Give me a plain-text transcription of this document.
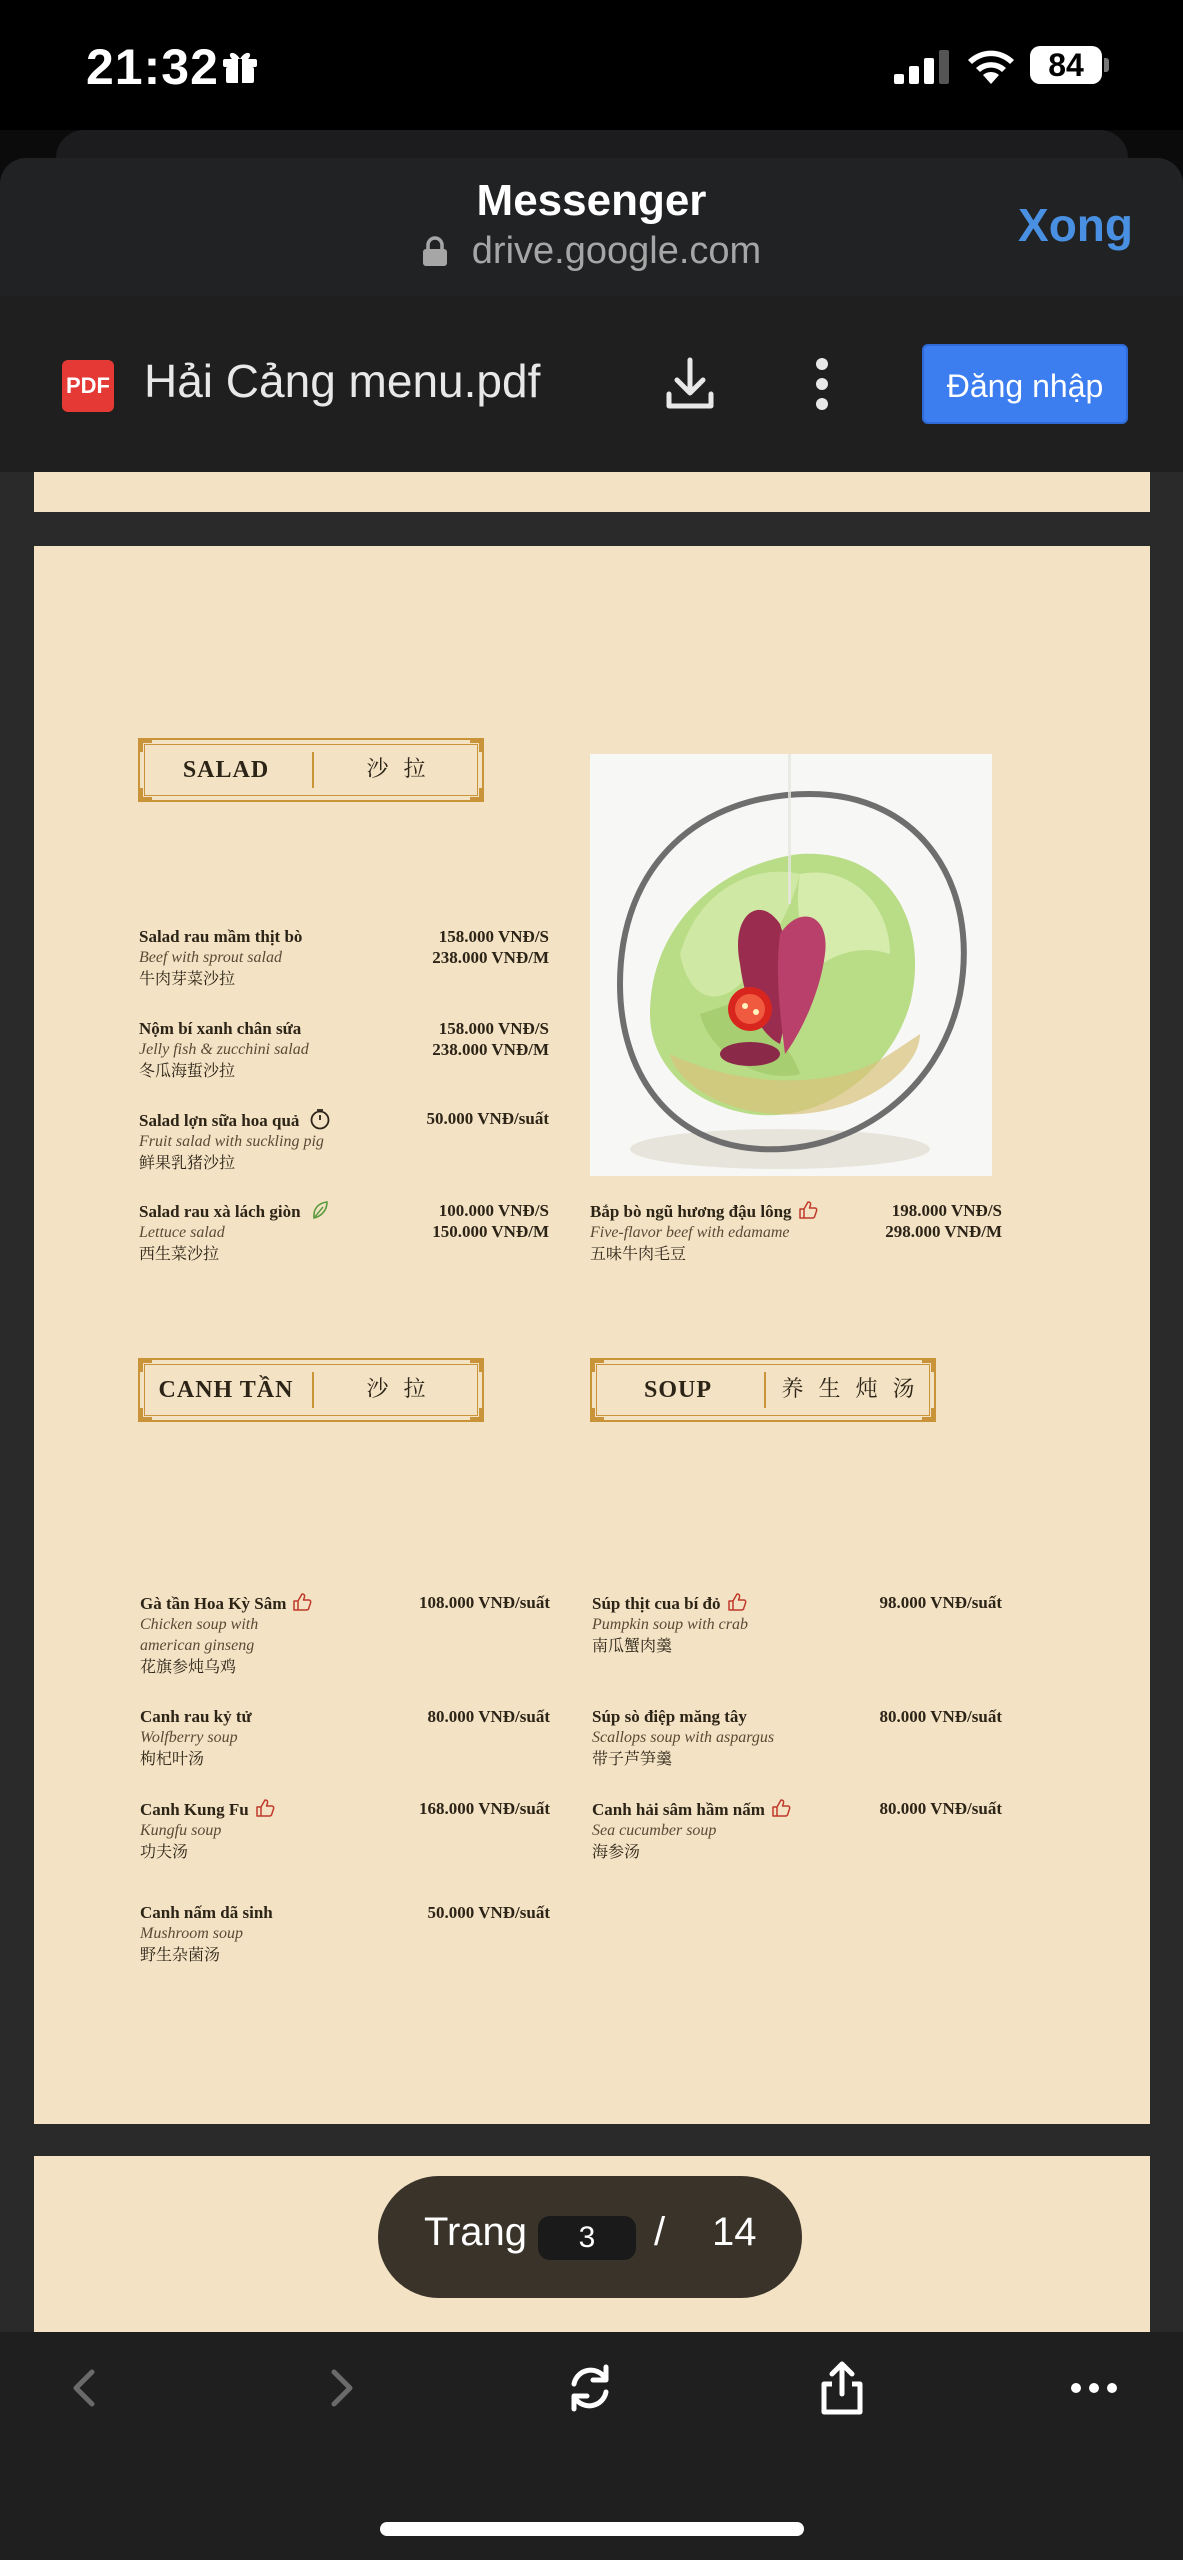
21:32	84
Messenger
drive.google.com	Xong
PDF Hải Cảng menu.pdf	Đăng nhập
SALAD	沙 拉
Salad rau mầm thịt bò
Beef with sprout salad
牛肉芽菜沙拉
158.000 VNĐ/S
238.000 VNĐ/M
Nộm bí xanh chân sứa
Jelly fish & zucchini salad
冬瓜海蜇沙拉
158.000 VNĐ/S
238.000 VNĐ/M
Salad lợn sữa hoa quả
Fruit salad with suckling pig
鲜果乳猪沙拉
50.000 VNĐ/suất
Salad rau xà lách giòn
Lettuce salad
西生菜沙拉
100.000 VNĐ/S
150.000 VNĐ/M
Bắp bò ngũ hương đậu lông
Five-flavor beef with edamame
五味牛肉毛豆
198.000 VNĐ/S
298.000 VNĐ/M
CANH TẦN	沙 拉	SOUP	养 生 炖 汤
Gà tần Hoa Kỳ Sâm
Chicken soup with
american ginseng
花旗参炖乌鸡
108.000 VNĐ/suất
Canh rau kỷ tử
Wolfberry soup
枸杞叶汤
80.000 VNĐ/suất
Canh Kung Fu
Kungfu soup
功夫汤
168.000 VNĐ/suất
Canh nấm dã sinh
Mushroom soup
野生杂菌汤
50.000 VNĐ/suất
Súp thịt cua bí đỏ
Pumpkin soup with crab
南瓜蟹肉羹
98.000 VNĐ/suất
Súp sò điệp măng tây
Scallops soup with aspargus
带子芦笋羹
80.000 VNĐ/suất
Canh hải sâm hầm nấm
Sea cucumber soup
海参汤
80.000 VNĐ/suất
Trang	3	/ 14
